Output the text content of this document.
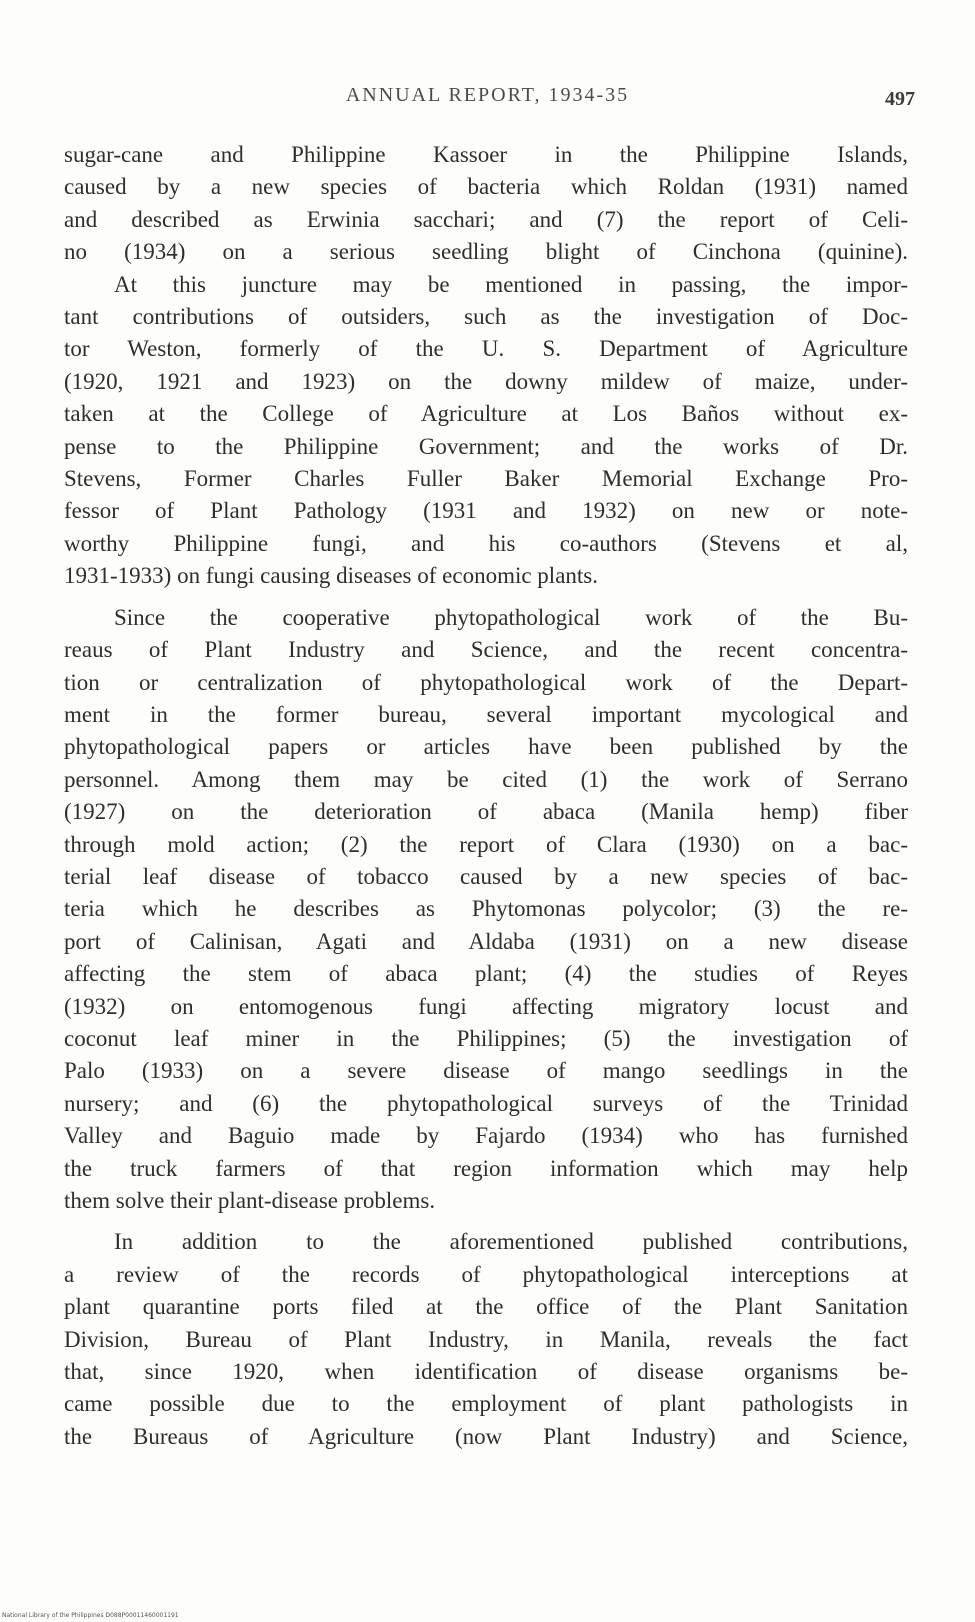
ANNUAL REPORT, 1934-35	497
sugar-cane and Philippine Kassoer in the Philippine Islands,
caused by a new species of bacteria which Roldan (1931) named
and described as Erwinia sacchari; and (7) the report of Celi-
no (1934) on a serious seedling blight of Cinchona (quinine).
At this juncture may be mentioned in passing, the impor-
tant contributions of outsiders, such as the investigation of Doc-
tor Weston, formerly of the U. S. Department of Agriculture
(1920, 1921 and 1923) on the downy mildew of maize, under-
taken at the College of Agriculture at Los Baños without ex-
pense to the Philippine Government; and the works of Dr.
Stevens, Former Charles Fuller Baker Memorial Exchange Pro-
fessor of Plant Pathology (1931 and 1932) on new or note-
worthy Philippine fungi, and his co-authors (Stevens et al,
1931-1933) on fungi causing diseases of economic plants.
Since the cooperative phytopathological work of the Bu-
reaus of Plant Industry and Science, and the recent concentra-
tion or centralization of phytopathological work of the Depart-
ment in the former bureau, several important mycological and
phytopathological papers or articles have been published by the
personnel. Among them may be cited (1) the work of Serrano
(1927) on the deterioration of abaca (Manila hemp) fiber
through mold action; (2) the report of Clara (1930) on a bac-
terial leaf disease of tobacco caused by a new species of bac-
teria which he describes as Phytomonas polycolor; (3) the re-
port of Calinisan, Agati and Aldaba (1931) on a new disease
affecting the stem of abaca plant; (4) the studies of Reyes
(1932) on entomogenous fungi affecting migratory locust and
coconut leaf miner in the Philippines; (5) the investigation of
Palo (1933) on a severe disease of mango seedlings in the
nursery; and (6) the phytopathological surveys of the Trinidad
Valley and Baguio made by Fajardo (1934) who has furnished
the truck farmers of that region information which may help
them solve their plant-disease problems.
In addition to the aforementioned published contributions,
a review of the records of phytopathological interceptions at
plant quarantine ports filed at the office of the Plant Sanitation
Division, Bureau of Plant Industry, in Manila, reveals the fact
that, since 1920, when identification of disease organisms be-
came possible due to the employment of plant pathologists in
the Bureaus of Agriculture (now Plant Industry) and Science,
National Library of the Philippines D088P00011460001191
